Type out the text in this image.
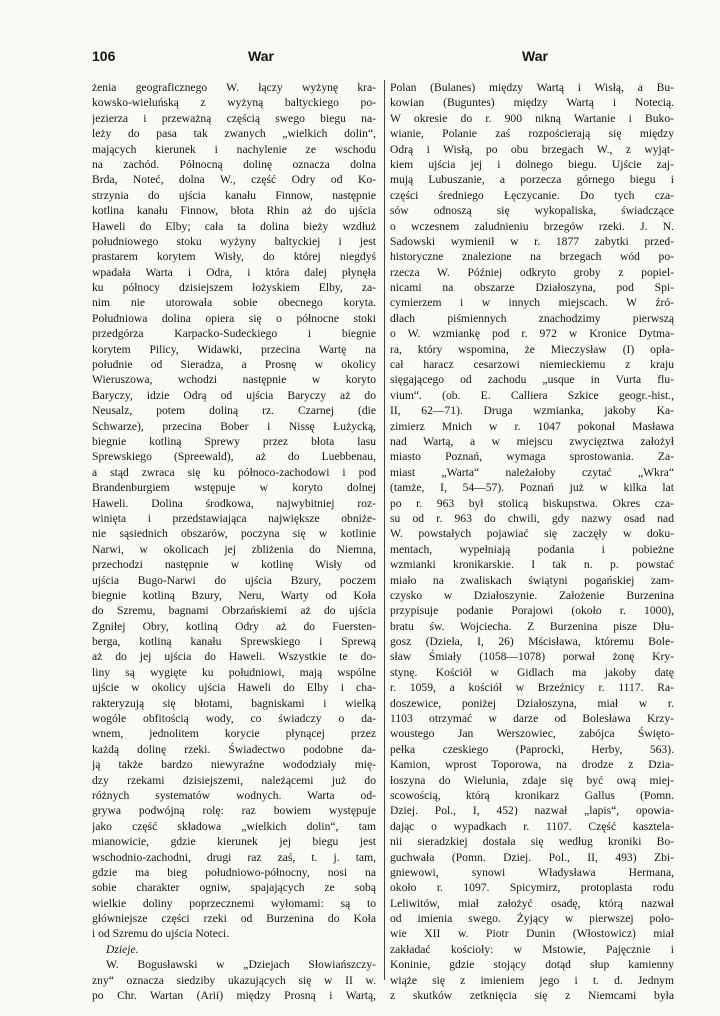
106	War	War
żenia geograficznego W. łączy wyżynę kra-
kowsko-wieluńską z wyżyną baltyckiego po-
jezierza i przeważną częścią swego biegu na-
leży do pasa tak zwanych „wielkich dolin“,
mających kierunek i nachylenie ze wschodu
na zachód. Północną dolinę oznacza dolna
Brda, Noteć, dolna W., część Odry od Ko-
strzynia do ujścia kanału Finnow, następnie
kotlina kanału Finnow, błota Rhin aż do ujścia
Haweli do Elby; cała ta dolina bieży wzdłuż
południowego stoku wyżyny baltyckiej i jest
prastarem korytem Wisły, do której niegdyś
wpadała Warta i Odra, i która dalej płynęła
ku północy dzisiejszem łożyskiem Elby, za-
nim nie utorowała sobie obecnego koryta.
Południowa dolina opiera się o północne stoki
przedgórza Karpacko-Sudeckiego i biegnie
korytem Pilicy, Widawki, przecina Wartę na
południe od Sieradza, a Prosnę w okolicy
Wieruszowa, wchodzi następnie w koryto
Baryczy, idzie Odrą od ujścia Baryczy aż do
Neusalz, potem doliną rz. Czarnej (die
Schwarze), przecina Bober i Nissę Łużycką,
biegnie kotliną Sprewy przez błota lasu
Sprewskiego (Spreewald), aż do Luebbenau,
a stąd zwraca się ku północo-zachodowi i pod
Brandenburgiem wstępuje w koryto dolnej
Haweli. Dolina środkowa, najwybitniej roz-
winięta i przedstawiająca największe obniże-
nie sąsiednich obszarów, poczyna się w kotlinie
Narwi, w okolicach jej zbliżenia do Niemna,
przechodzi następnie w kotlinę Wisły od
ujścia Bugo-Narwi do ujścia Bzury, poczem
biegnie kotliną Bzury, Neru, Warty od Koła
do Szremu, bagnami Obrzańskiemi aż do ujścia
Zgniłej Obry, kotliną Odry aż do Fuersten-
berga, kotliną kanału Sprewskiego i Sprewą
aż do jej ujścia do Haweli. Wszystkie te do-
liny są wygięte ku południowi, mają wspólne
ujście w okolicy ujścia Haweli do Elby i cha-
rakteryzują się błotami, bagniskami i wielką
wogóle obfitością wody, co świadczy o da-
wnem, jednolitem korycie płynącej przez
każdą dolinę rzeki. Świadectwo podobne da-
ją także bardzo niewyraźne wododziały mię-
dzy rzekami dzisiejszemi, należącemi już do
różnych systematów wodnych. Warta od-
grywa podwójną rolę: raz bowiem występuje
jako część składowa „wielkich dolin“, tam
mianowicie, gdzie kierunek jej biegu jest
wschodnio-zachodni, drugi raz zaś, t. j. tam,
gdzie ma bieg południowo-północny, nosi na
sobie charakter ogniw, spajających ze sobą
wielkie doliny poprzecznemi wyłomami: są to
główniejsze części rzeki od Burzenina do Koła
i od Szremu do ujścia Noteci.
Dzieje.
W. Bogusławski w „Dziejach Słowiańszczy-
zny“ oznacza siedziby ukazujących się w II w.
po Chr. Wartan (Arii) między Prosną i Wartą,
Polan (Bulanes) między Wartą i Wisłą, a Bu-
kowian (Buguntes) między Wartą i Notecią.
W okresie do r. 900 nikną Wartanie i Buko-
wianie, Polanie zaś rozpościerają się między
Odrą i Wisłą, po obu brzegach W., z wyjąt-
kiem ujścia jej i dolnego biegu. Ujście zaj-
mują Lubuszanie, a porzecza górnego biegu i
części średniego Łęczycanie. Do tych cza-
sów odnoszą się wykopaliska, świadczące
o wczesnem zaludnieniu brzegów rzeki. J. N.
Sadowski wymienił w r. 1877 zabytki przed-
historyczne znalezione na brzegach wód po-
rzecza W. Później odkryto groby z popiel-
nicami na obszarze Działoszyna, pod Spi-
cymierzem i w innych miejscach. W źró-
dłach piśmiennych znachodzimy pierwszą
o W. wzmiankę pod r. 972 w Kronice Dytma-
ra, który wspomina, że Mieczysław (I) opła-
cał haracz cesarzowi niemieckiemu z kraju
sięgającego od zachodu „usque in Vurta flu-
vium“. (ob. E. Calliera Szkice geogr.-hist.,
II, 62—71). Druga wzmianka, jakoby Ka-
zimierz Mnich w r. 1047 pokonał Masława
nad Wartą, a w miejscu zwycięztwa założył
miasto Poznań, wymaga sprostowania. Za-
miast „Warta“ należałoby czytać „Wkra“
(tamże, I, 54—57). Poznań już w kilka lat
po r. 963 był stolicą biskupstwa. Okres cza-
su od r. 963 do chwili, gdy nazwy osad nad
W. powstałych pojawiać się zaczęły w doku-
mentach, wypełniają podania i pobieżne
wzmianki kronikarskie. I tak n. p. powstać
miało na zwaliskach świątyni pogańskiej zam-
czysko w Działoszynie. Założenie Burzenina
przypisuje podanie Porajowi (około r. 1000),
bratu św. Wojciecha. Z Burzenina pisze Dłu-
gosz (Dzieła, I, 26) Mścisława, któremu Bole-
sław Śmiały (1058—1078) porwał żonę Kry-
stynę. Kościół w Gidlach ma jakoby datę
r. 1059, a kościół w Brzeźnicy r. 1117. Ra-
doszewice, poniżej Działoszyna, miał w r.
1103 otrzymać w darze od Bolesława Krzy-
woustego Jan Werszowiec, zabójca Święto-
pełka czeskiego (Paprocki, Herby, 563).
Kamion, wprost Toporowa, na drodze z Dzia-
łoszyna do Wielunia, zdaje się być ową miej-
scowością, którą kronikarz Gallus (Pomn.
Dziej. Pol., I, 452) nazwał „lapis“, opowia-
dając o wypadkach r. 1107. Część kasztela-
nii sieradzkiej dostała się według kroniki Bo-
guchwała (Pomn. Dziej. Pol., II, 493) Zbi-
gniewowi, synowi Władysława Hermana,
około r. 1097. Spicymirz, protoplasta rodu
Leliwitów, miał założyć osadę, którą nazwał
od imienia swego. Żyjący w pierwszej poło-
wie XII w. Piotr Dunin (Włostowicz) miał
zakładać kościoły: w Mstowie, Pajęcznie i
Koninie, gdzie stojący dotąd słup kamienny
wiąże się z imieniem jego i t. d. Jednym
z skutków zetknięcia się z Niemcami była
